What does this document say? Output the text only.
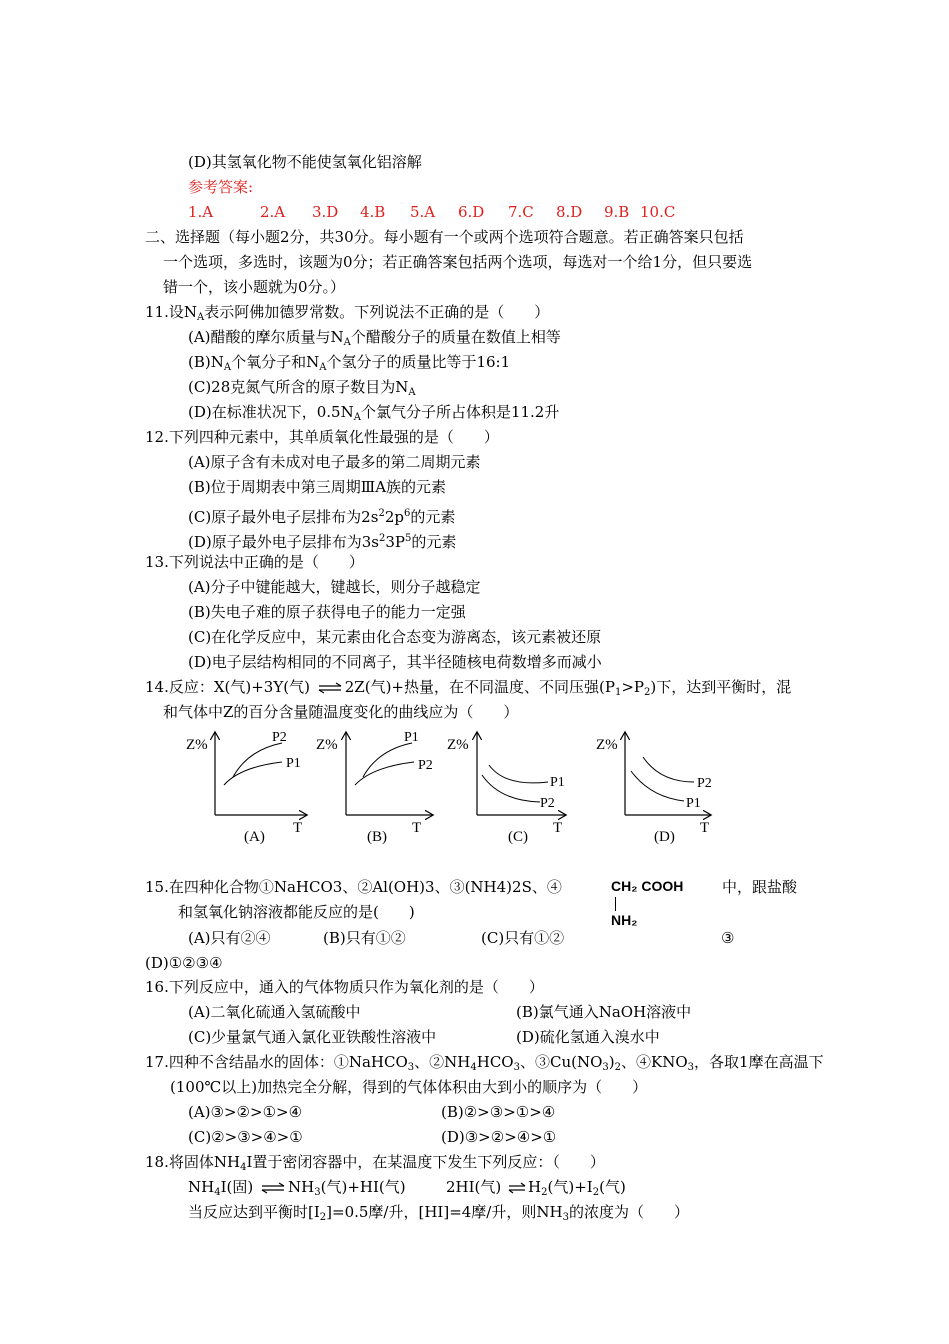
(D)其氢氧化物不能使氢氧化铝溶解
参考答案:
1.A	2.A 3.D 4.B 5.A 6.D 7.C 8.D 9.B 10.C
二、选择题（每小题2分，共30分。每小题有一个或两个选项符合题意。若正确答案只包括
一个选项，多选时，该题为0分；若正确答案包括两个选项，每选对一个给1分，但只要选
错一个，该小题就为0分。）
11.设$N_A$表示阿佛加德罗常数。下列说法不正确的是（　　）
(A)醋酸的摩尔质量与$N_A$个醋酸分子的质量在数值上相等
$(B)N_A$个氧分子和$N_A$个氢分子的质量比等于16:1
(C)28克氮气所含的原子数目为$N_A$
(D)在标准状况下，$0.5N_A$个氯气分子所占体积是11.2升
12.下列四种元素中，其单质氧化性最强的是（　　）
(A)原子含有未成对电子最多的第二周期元素
(B)位于周期表中第三周期ⅢA族的元素
(C)原子最外电子层排布为$2s^22p^6$的元素
(D)原子最外电子层排布为$3s^23P^5$的元素
13.下列说法中正确的是（　　）
(A)分子中键能越大，键越长，则分子越稳定
(B)失电子难的原子获得电子的能力一定强
(C)在化学反应中，某元素由化合态变为游离态，该元素被还原
(D)电子层结构相同的不同离子，其半径随核电荷数增多而减小
14.反应：X(气)+3Y(气) ⇌ 2Z(气)+热量，在不同温度、不同压强$(P_1>P_2)$下，达到平衡时，混
和气体中Z的百分含量随温度变化的曲线应为（　　）
Z%	P2
P1
T
(A)
Z%	P1
P2
T
(B)
Z%
P1
P2
T
(C)
Z%
P2
P1
T
(D)
15.在四种化合物①NaHCO3、②Al(OH)3、③(NH4)2S、④	CH₂ COOH
NH₂
中，跟盐酸
和氢氧化钠溶液都能反应的是(　　)
(A)只有②④	(B)只有①②	(C)只有①②	③
(D)①②③④
16.下列反应中，通入的气体物质只作为氧化剂的是（　　）
(A)二氧化硫通入氢硫酸中	(B)氯气通入NaOH溶液中
(C)少量氯气通入氯化亚铁酸性溶液中	(D)硫化氢通入溴水中
17.四种不含结晶水的固体：①NaHCO$_3$、$②NH_4HCO_3$、$③Cu(NO_3)_2$、$④KNO_3$，各取1摩在高温下
(100℃以上)加热完全分解，得到的气体体积由大到小的顺序为（　　）
(A)③>②>①>④	(B)②>③>①>④
(C)②>③>④>①	(D)③>②>④>①
18.将固体$NH_4I$置于密闭容器中，在某温度下发生下列反应：（　　）
$NH_4I$(固) ⇌ $NH_3$(气)+HI(气)	2HI(气) $\rightleftharpoons H_2$(气)$+I_2$(气)
当反应达到平衡时$[I_2]=0.5$摩/升，[HI]=4摩/升，则$NH_3$的浓度为（　　）
